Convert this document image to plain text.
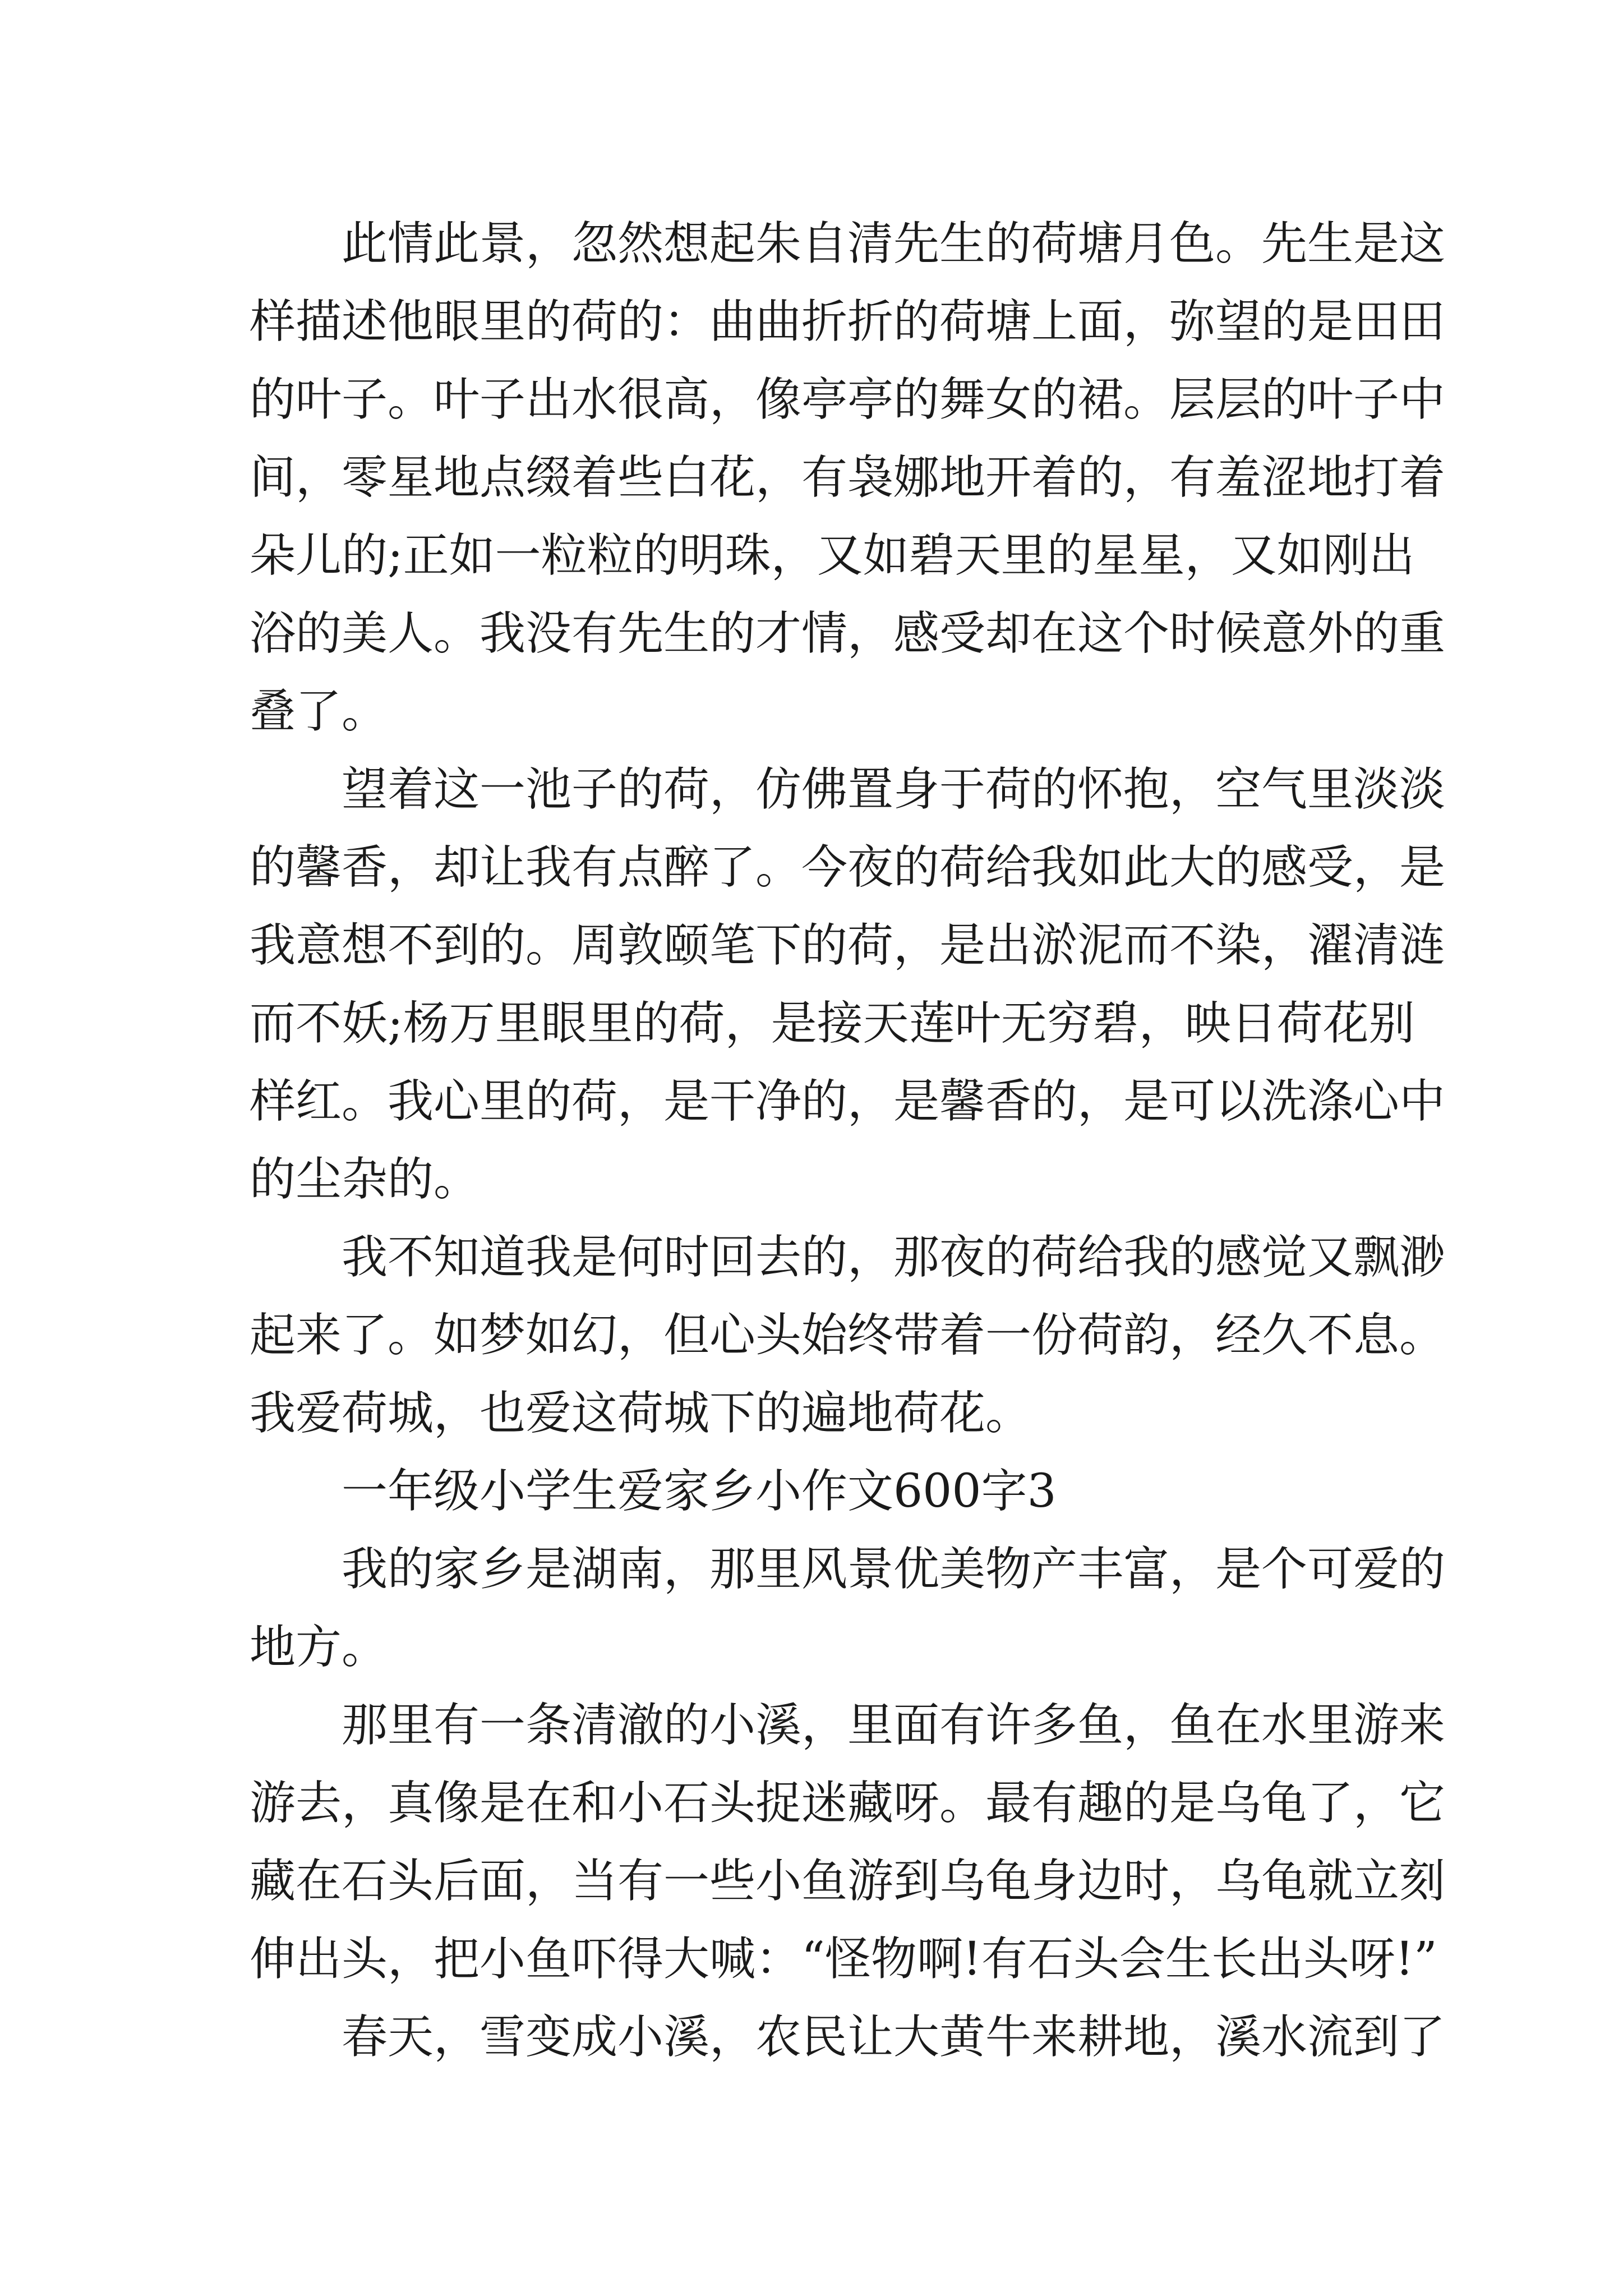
　　此情此景，忽然想起朱自清先生的荷塘月色。先生是这
样描述他眼里的荷的：曲曲折折的荷塘上面，弥望的是田田
的叶子。叶子出水很高，像亭亭的舞女的裙。层层的叶子中
间，零星地点缀着些白花，有袅娜地开着的，有羞涩地打着
朵儿的;正如一粒粒的明珠，又如碧天里的星星，又如刚出
浴的美人。我没有先生的才情，感受却在这个时候意外的重
叠了。
　　望着这一池子的荷，仿佛置身于荷的怀抱，空气里淡淡
的馨香，却让我有点醉了。今夜的荷给我如此大的感受，是
我意想不到的。周敦颐笔下的荷，是出淤泥而不染，濯清涟
而不妖;杨万里眼里的荷，是接天莲叶无穷碧，映日荷花别
样红。我心里的荷，是干净的，是馨香的，是可以洗涤心中
的尘杂的。
　　我不知道我是何时回去的，那夜的荷给我的感觉又飘渺
起来了。如梦如幻，但心头始终带着一份荷韵，经久不息。
我爱荷城，也爱这荷城下的遍地荷花。
　　一年级小学生爱家乡小作文600字3
　　我的家乡是湖南，那里风景优美物产丰富，是个可爱的
地方。
　　那里有一条清澈的小溪，里面有许多鱼，鱼在水里游来
游去，真像是在和小石头捉迷藏呀。最有趣的是乌龟了，它
藏在石头后面，当有一些小鱼游到乌龟身边时，乌龟就立刻
伸出头，把小鱼吓得大喊：“怪物啊!有石头会生长出头呀!”
　　春天，雪变成小溪，农民让大黄牛来耕地，溪水流到了
